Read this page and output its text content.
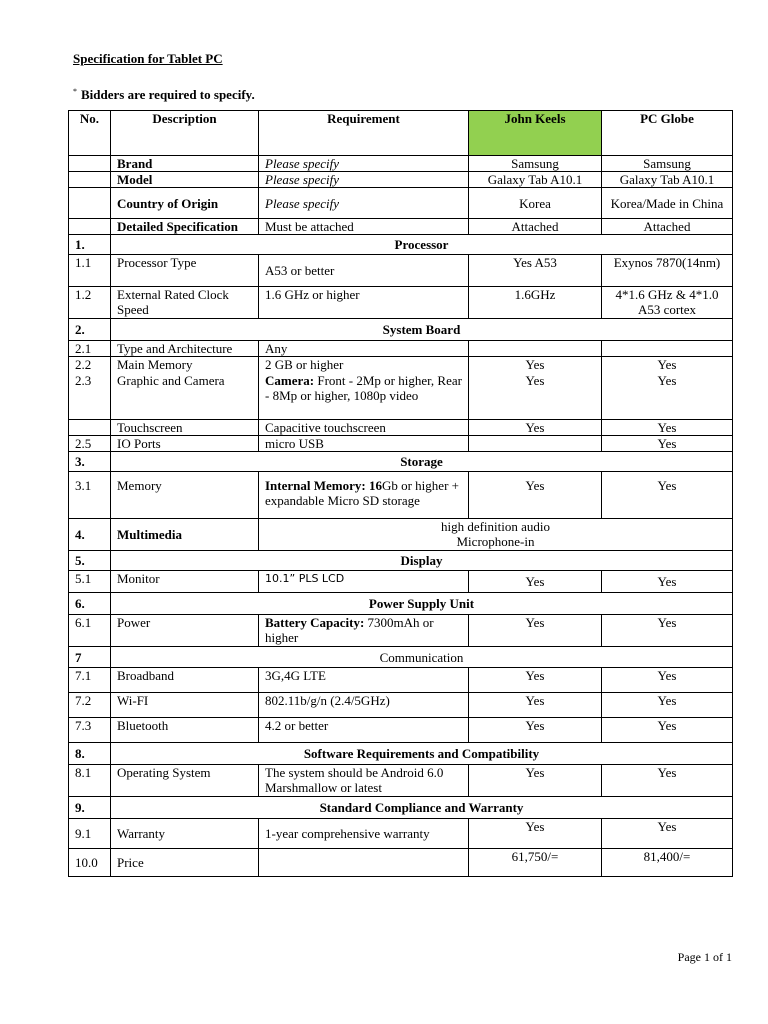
Specification for Tablet PC
* Bidders are required to specify.
No.	Description	Requirement	John Keels	PC Globe
	Brand	Please specify	Samsung	Samsung
	Model	Please specify	Galaxy Tab A10.1	Galaxy Tab A10.1
	Country of Origin	Please specify	Korea	Korea/Made in China
	Detailed Specification	Must be attached	Attached	Attached
1.	Processor			
1.1	Processor Type	A53 or better	Yes A53	Exynos 7870(14nm)
1.2	External Rated Clock Speed	1.6 GHz or higher	1.6GHz	4*1.6 GHz & 4*1.0 A53 cortex
2.	System Board			
2.1	Type and Architecture	Any		
2.2	Main Memory	2 GB or higher	Yes	Yes
2.3	Graphic and Camera	Camera: Front - 2Mp or higher, Rear - 8Mp or higher, 1080p video	Yes	Yes
	Touchscreen	Capacitive touchscreen	Yes	Yes
2.5	IO Ports	micro USB		Yes
3.	Storage			
3.1	Memory	Internal Memory: 16Gb or higher + expandable Micro SD storage	Yes	Yes
4.	Multimedia	high definition audio
Microphone-in		
5.	Display			
5.1	Monitor	10.1” PLS LCD	Yes	Yes
6.	Power Supply Unit			
6.1	Power	Battery Capacity: 7300mAh or higher	Yes	Yes
7	Communication			
7.1	Broadband	3G,4G LTE	Yes	Yes
7.2	Wi-FI	802.11b/g/n (2.4/5GHz)	Yes	Yes
7.3	Bluetooth	4.2 or better	Yes	Yes
8.	Software Requirements and Compatibility			
8.1	Operating System	The system should be Android 6.0 Marshmallow or latest	Yes	Yes
9.	Standard Compliance and Warranty			
9.1	Warranty	1-year comprehensive warranty	Yes	Yes
10.0	Price		61,750/=	81,400/=
Page 1 of 1
